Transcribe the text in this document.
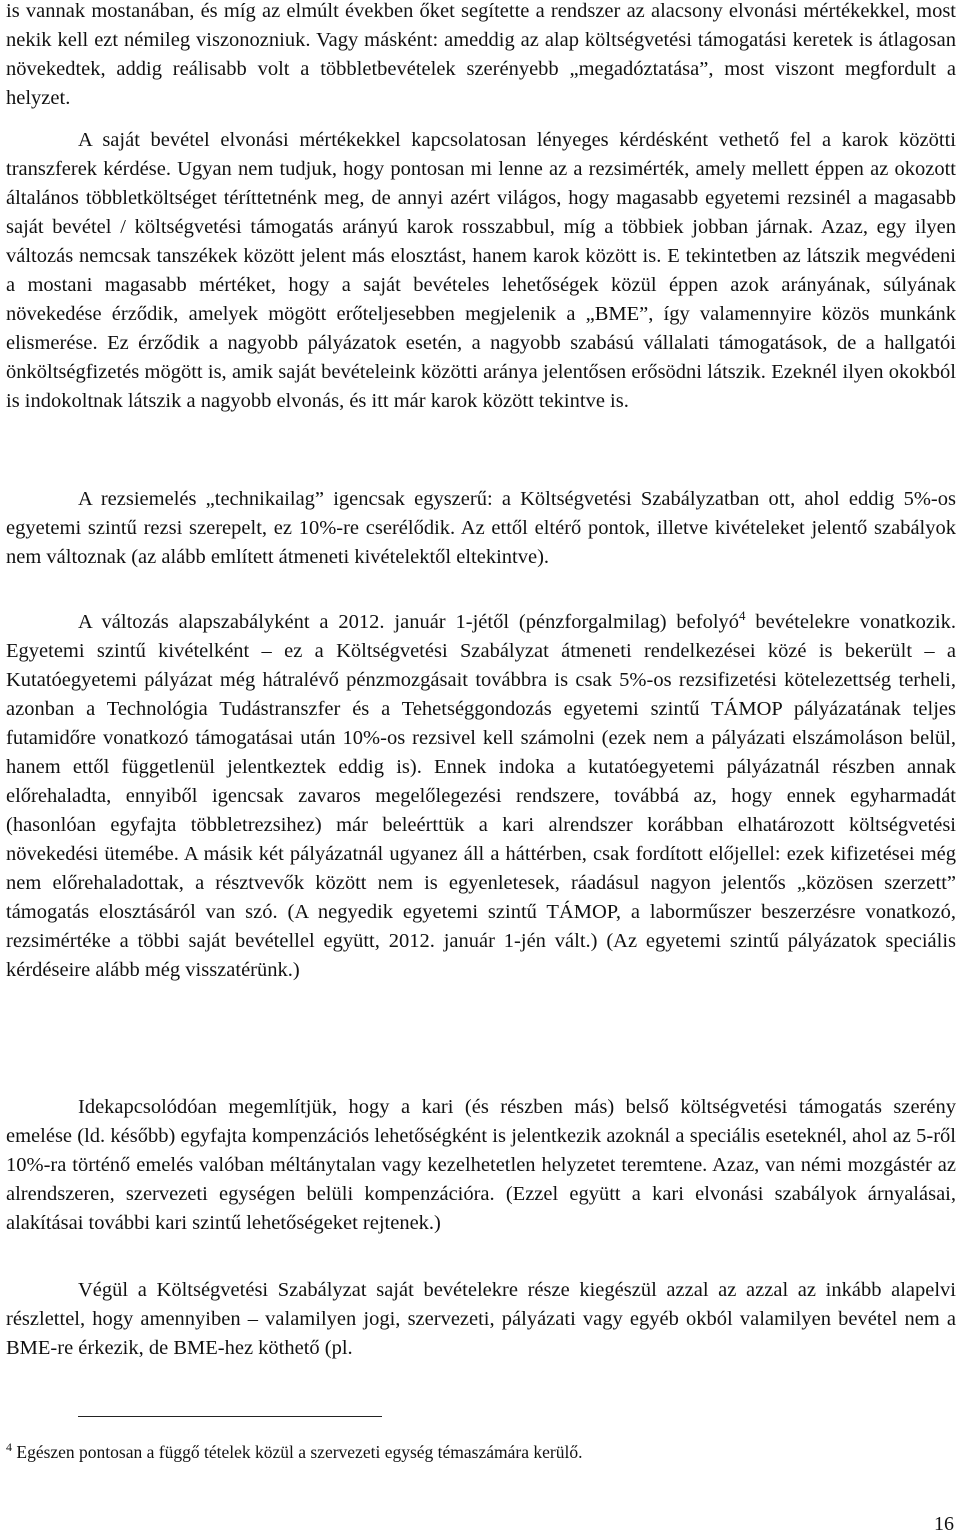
is vannak mostanában, és míg az elmúlt években őket segítette a rendszer az alacsony elvonási mértékekkel, most nekik kell ezt némileg viszonozniuk. Vagy másként: ameddig az alap költségvetési támogatási keretek is átlagosan növekedtek, addig reálisabb volt a többletbevételek szerényebb „megadóztatása”, most viszont megfordult a helyzet.

A saját bevétel elvonási mértékekkel kapcsolatosan lényeges kérdésként vethető fel a karok közötti transzferek kérdése. Ugyan nem tudjuk, hogy pontosan mi lenne az a rezsimérték, amely mellett éppen az okozott általános többletköltséget téríttetnénk meg, de annyi azért világos, hogy magasabb egyetemi rezsinél a magasabb saját bevétel / költségvetési támogatás arányú karok rosszabbul, míg a többiek jobban járnak. Azaz, egy ilyen változás nemcsak tanszékek között jelent más elosztást, hanem karok között is. E tekintetben az látszik megvédeni a mostani magasabb mértéket, hogy a saját bevételes lehetőségek közül éppen azok arányának, súlyának növekedése érződik, amelyek mögött erőteljesebben megjelenik a „BME”, így valamennyire közös munkánk elismerése. Ez érződik a nagyobb pályázatok esetén, a nagyobb szabású vállalati támogatások, de a hallgatói önköltségfizetés mögött is, amik saját bevételeink közötti aránya jelentősen erősödni látszik. Ezeknél ilyen okokból is indokoltnak látszik a nagyobb elvonás, és itt már karok között tekintve is.

A rezsiemelés „technikailag” igencsak egyszerű: a Költségvetési Szabályzatban ott, ahol eddig 5%-os egyetemi szintű rezsi szerepelt, ez 10%-re cserélődik. Az ettől eltérő pontok, illetve kivételeket jelentő szabályok nem változnak (az alább említett átmeneti kivételektől eltekintve).

A változás alapszabályként a 2012. január 1-jétől (pénzforgalmilag) befolyó$^4$ bevételekre vonatkozik. Egyetemi szintű kivételként – ez a Költségvetési Szabályzat átmeneti rendelkezései közé is bekerült – a Kutatóegyetemi pályázat még hátralévő pénzmozgásait továbbra is csak 5%-os rezsifizetési kötelezettség terheli, azonban a Technológia Tudástranszfer és a Tehetséggondozás egyetemi szintű TÁMOP pályázatának teljes futamidőre vonatkozó támogatásai után 10%-os rezsivel kell számolni (ezek nem a pályázati elszámoláson belül, hanem ettől függetlenül jelentkeztek eddig is). Ennek indoka a kutatóegyetemi pályázatnál részben annak előrehaladta, ennyiből igencsak zavaros megelőlegezési rendszere, továbbá az, hogy ennek egyharmadát (hasonlóan egyfajta többletrezsihez) már beleérttük a kari alrendszer korábban elhatározott költségvetési növekedési ütemébe. A másik két pályázatnál ugyanez áll a háttérben, csak fordított előjellel: ezek kifizetései még nem előrehaladottak, a résztvevők között nem is egyenletesek, ráadásul nagyon jelentős „közösen szerzett” támogatás elosztásáról van szó. (A negyedik egyetemi szintű TÁMOP, a laborműszer beszerzésre vonatkozó, rezsimértéke a többi saját bevétellel együtt, 2012. január 1-jén vált.) (Az egyetemi szintű pályázatok speciális kérdéseire alább még visszatérünk.)

Idekapcsolódóan megemlítjük, hogy a kari (és részben más) belső költségvetési támogatás szerény emelése (ld. később) egyfajta kompenzációs lehetőségként is jelentkezik azoknál a speciális eseteknél, ahol az 5-ről 10%-ra történő emelés valóban méltánytalan vagy kezelhetetlen helyzetet teremtene. Azaz, van némi mozgástér az alrendszeren, szervezeti egységen belüli kompenzációra. (Ezzel együtt a kari elvonási szabályok árnyalásai, alakításai további kari szintű lehetőségeket rejtenek.)

Végül a Költségvetési Szabályzat saját bevételekre része kiegészül azzal az azzal az inkább alapelvi részlettel, hogy amennyiben – valamilyen jogi, szervezeti, pályázati vagy egyéb okból valamilyen bevétel nem a BME-re érkezik, de BME-hez köthető (pl.

$^4$ Egészen pontosan a függő tételek közül a szervezeti egység témaszámára kerülő.
16
